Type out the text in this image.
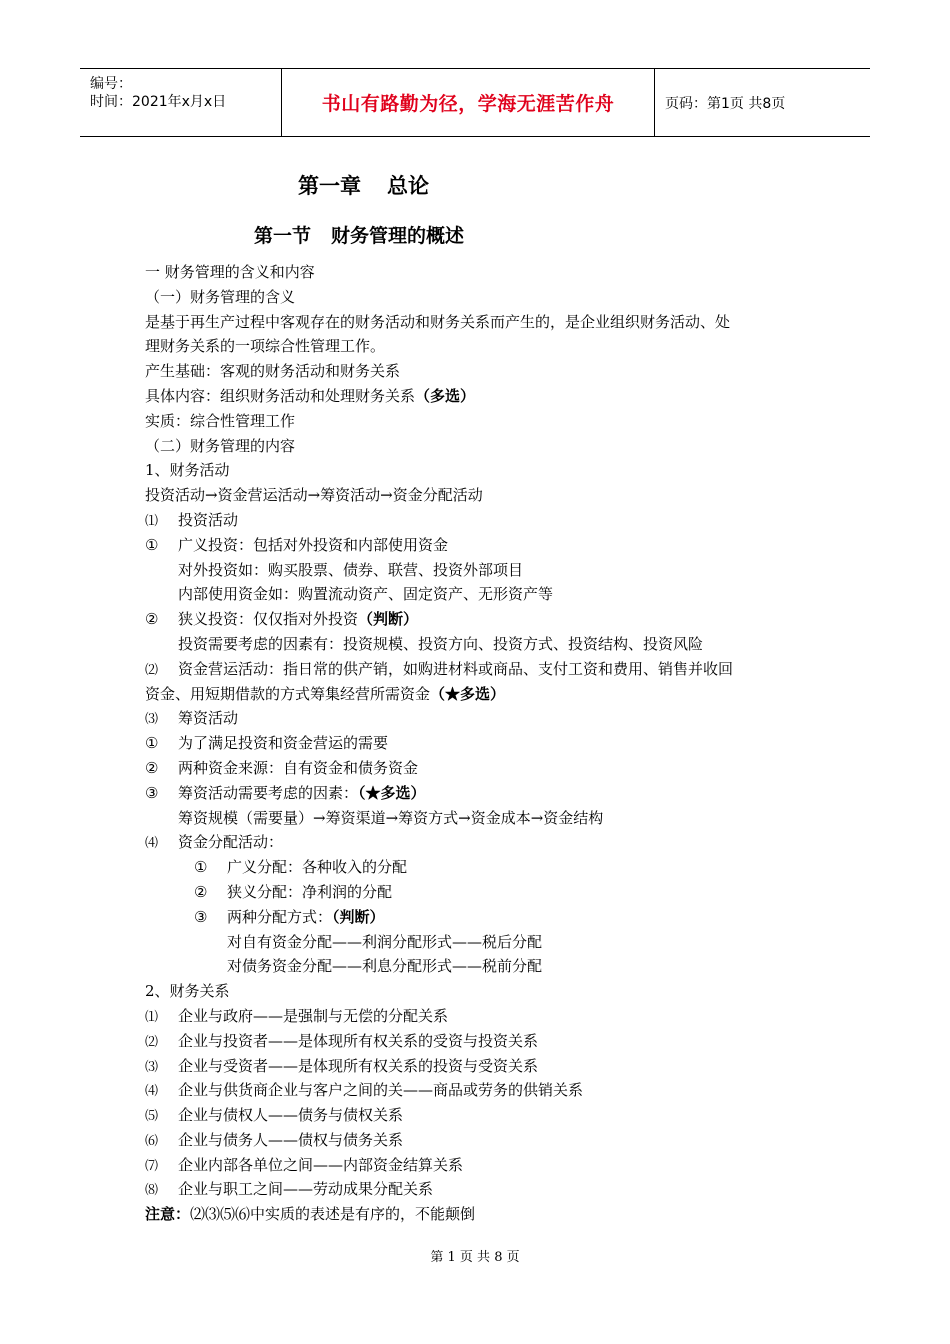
编号：
时间：2021年x月x日	书山有路勤为径，学海无涯苦作舟	页码：第1页 共8页
第一章 总论
第一节 财务管理的概述
一 财务管理的含义和内容
（一）财务管理的含义
是基于再生产过程中客观存在的财务活动和财务关系而产生的，是企业组织财务活动、处
理财务关系的一项综合性管理工作。
产生基础：客观的财务活动和财务关系
具体内容：组织财务活动和处理财务关系（多选）
实质：综合性管理工作
（二）财务管理的内容
1、财务活动
投资活动→资金营运活动→筹资活动→资金分配活动
⑴ 投资活动
① 广义投资：包括对外投资和内部使用资金
对外投资如：购买股票、债券、联营、投资外部项目
内部使用资金如：购置流动资产、固定资产、无形资产等
② 狭义投资：仅仅指对外投资（判断）
投资需要考虑的因素有：投资规模、投资方向、投资方式、投资结构、投资风险
⑵ 资金营运活动：指日常的供产销，如购进材料或商品、支付工资和费用、销售并收回
资金、用短期借款的方式筹集经营所需资金（★多选）
⑶ 筹资活动
① 为了满足投资和资金营运的需要
② 两种资金来源：自有资金和债务资金
③ 筹资活动需要考虑的因素：（★多选）
筹资规模（需要量）→筹资渠道→筹资方式→资金成本→资金结构
⑷ 资金分配活动：
① 广义分配：各种收入的分配
② 狭义分配：净利润的分配
③ 两种分配方式：（判断）
对自有资金分配——利润分配形式——税后分配
对债务资金分配——利息分配形式——税前分配
2、财务关系
⑴ 企业与政府——是强制与无偿的分配关系
⑵ 企业与投资者——是体现所有权关系的受资与投资关系
⑶ 企业与受资者——是体现所有权关系的投资与受资关系
⑷ 企业与供货商企业与客户之间的关——商品或劳务的供销关系
⑸ 企业与债权人——债务与债权关系
⑹ 企业与债务人——债权与债务关系
⑺ 企业内部各单位之间——内部资金结算关系
⑻ 企业与职工之间——劳动成果分配关系
注意：⑵⑶⑸⑹中实质的表述是有序的，不能颠倒
第 1 页 共 8 页
